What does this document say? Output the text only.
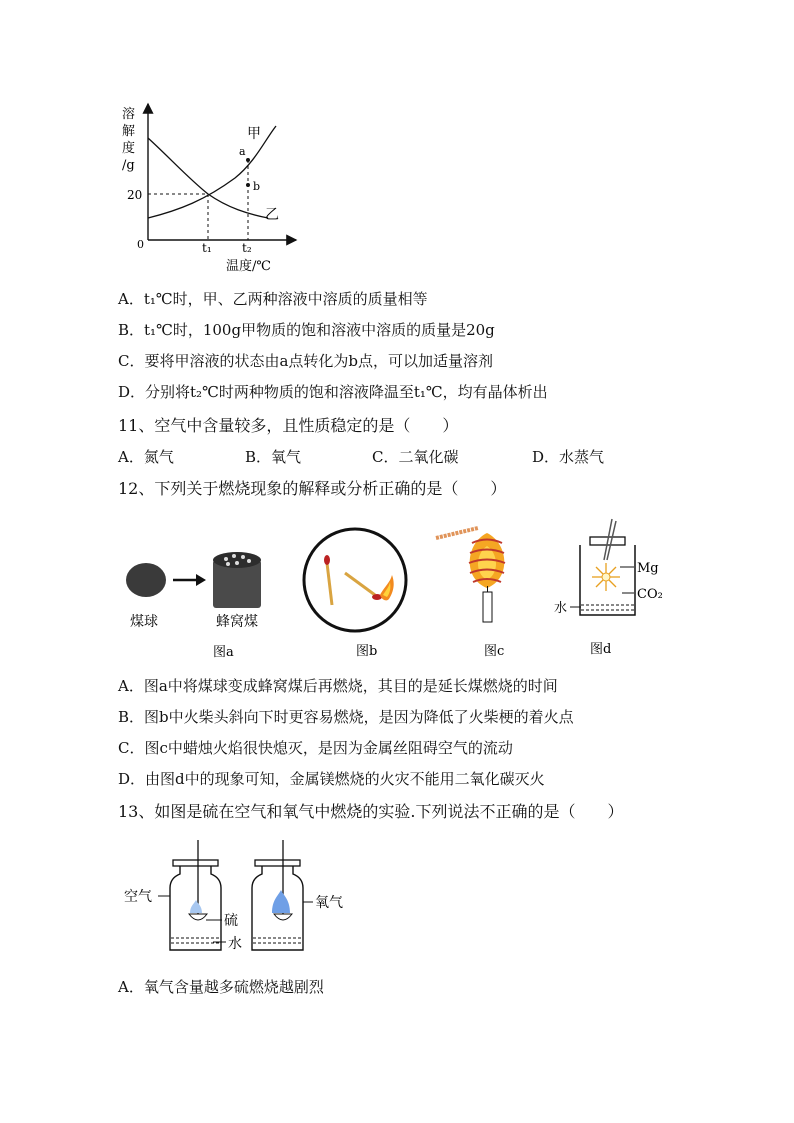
溶
解
度
/g
20
0	t₁	t₂
温度/℃
甲
乙
a
b
A．t₁℃时，甲、乙两种溶液中溶质的质量相等
B．t₁℃时，100g甲物质的饱和溶液中溶质的质量是20g
C．要将甲溶液的状态由a点转化为b点，可以加适量溶剂
D．分别将t₂℃时两种物质的饱和溶液降温至t₁℃，均有晶体析出
11、空气中含量较多，且性质稳定的是（　　）
A．氮气	B．氧气	C．二氧化碳	D．水蒸气
12、下列关于燃烧现象的解释或分析正确的是（　　）
煤球	蜂窝煤
图a	图b	图c
Mg
CO₂
水
图d
A．图a中将煤球变成蜂窝煤后再燃烧，其目的是延长煤燃烧的时间
B．图b中火柴头斜向下时更容易燃烧，是因为降低了火柴梗的着火点
C．图c中蜡烛火焰很快熄灭，是因为金属丝阻碍空气的流动
D．由图d中的现象可知，金属镁燃烧的火灾不能用二氧化碳灭火
13、如图是硫在空气和氧气中燃烧的实验.下列说法不正确的是（　　）
空气
硫
水
氧气
A．氧气含量越多硫燃烧越剧烈
